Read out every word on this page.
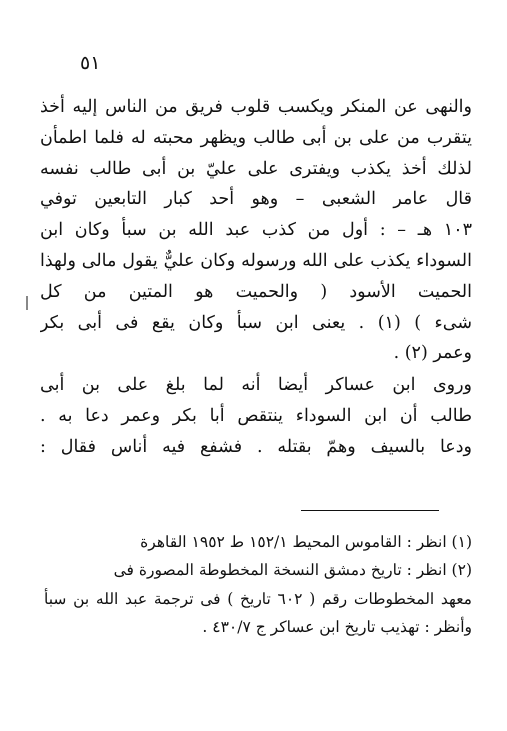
٥١
والنهى عن المنكر ويكسب قلوب فريق من الناس إليه أخذ
يتقرب من على بن أبى طالب ويظهر محبته له فلما اطمأن
لذلك أخذ يكذب ويفترى على عليّ بن أبى طالب نفسه
قال عامر الشعبى – وهو أحد كبار التابعين توفي
١٠٣ هـ – : أول من كذب عبد الله بن سبأ وكان ابن
السوداء يكذب على الله ورسوله وكان عليٌّ يقول مالى ولهذا
الحميت الأسود ( والحميت هو المتين من كل
شىء ) (١) . يعنى ابن سبأ وكان يقع فى أبى بكر
وعمر (٢) .
وروى ابن عساكر أيضا أنه لما بلغ على بن أبى
طالب أن ابن السوداء ينتقص أبا بكر وعمر دعا به .
ودعا بالسيف وهمّ بقتله . فشفع فيه أناس فقال :
(١) انظر : القاموس المحيط ١٥٢/١ ط ١٩٥٢ القاهرة
(٢) انظر : تاريخ دمشق النسخة المخطوطة المصورة فى
معهد المخطوطات رقم ( ٦٠٢ تاريخ ) فى ترجمة عبد الله بن سبأ
وأنظر : تهذيب تاريخ ابن عساكر ج ٤٣٠/٧ .
